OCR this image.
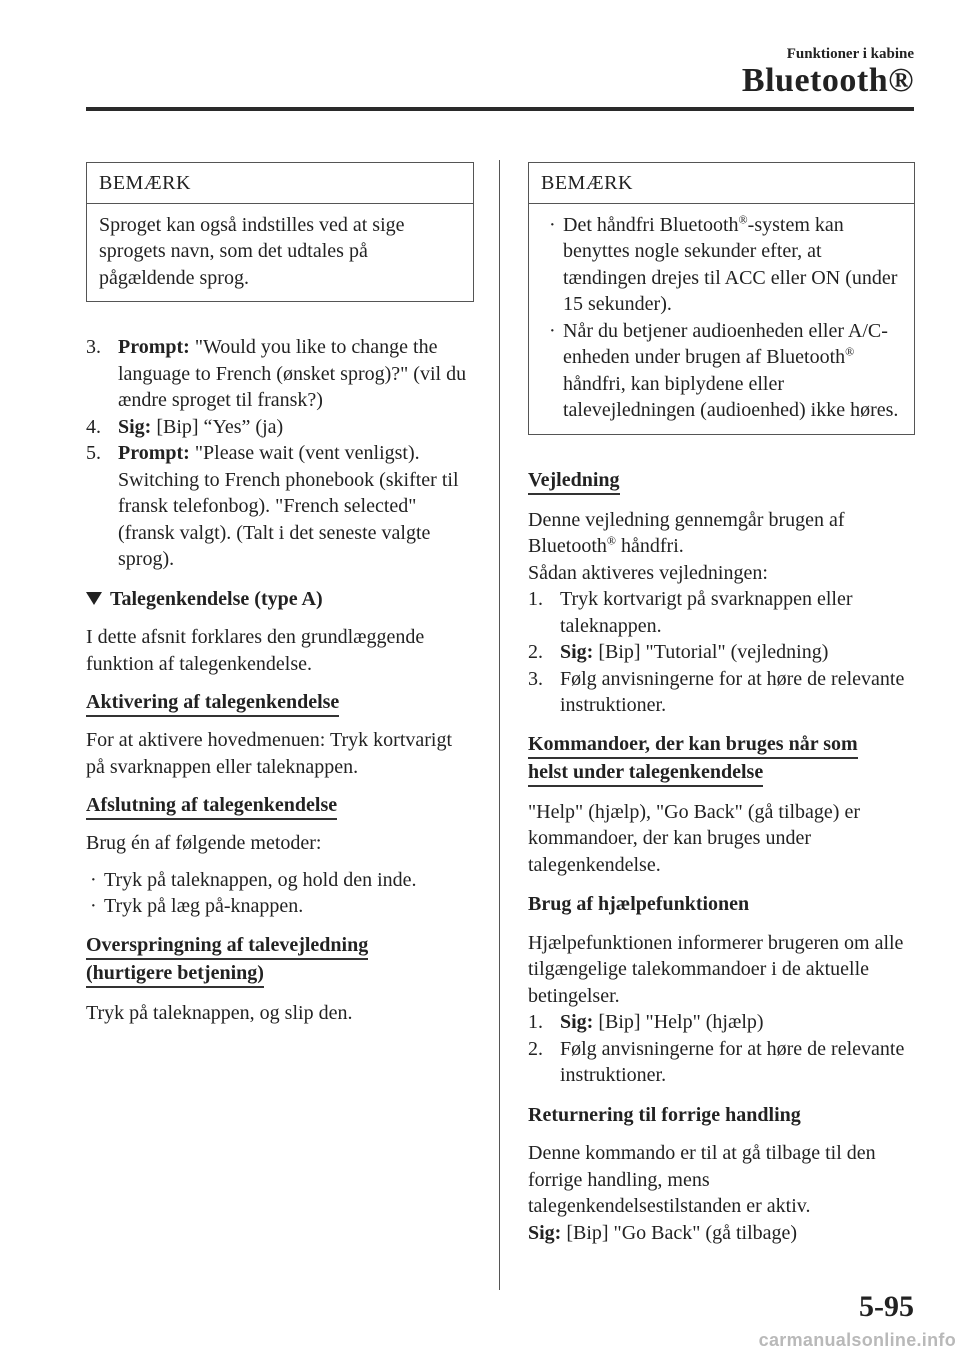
Funktioner i kabine
Bluetooth®
BEMÆRK

Sproget kan også indstilles ved at sige sprogets navn, som det udtales på pågældende sprog.

3. Prompt: "Would you like to change the language to French (ønsket sprog)?" (vil du ændre sproget til fransk?)
4. Sig: [Bip] “Yes” (ja)
5. Prompt: "Please wait (vent venligst). Switching to French phonebook (skifter til fransk telefonbog). "French selected" (fransk valgt). (Talt i det seneste valgte sprog).
Talegenkendelse (type A)

I dette afsnit forklares den grundlæggende funktion af talegenkendelse.

Aktivering af talegenkendelse

For at aktivere hovedmenuen: Tryk kortvarigt på svarknappen eller taleknappen.

Afslutning af talegenkendelse

Brug én af følgende metoder:

· Tryk på taleknappen, og hold den inde.
· Tryk på læg på-knappen.
Overspringning af talevejledning
(hurtigere betjening)

Tryk på taleknappen, og slip den.

BEMÆRK
· Det håndfri Bluetooth®-system kan benyttes nogle sekunder efter, at tændingen drejes til ACC eller ON (under 15 sekunder).
· Når du betjener audioenheden eller A/C-enheden under brugen af Bluetooth® håndfri, kan biplydene eller talevejledningen (audioenhed) ikke høres.
Vejledning

Denne vejledning gennemgår brugen af Bluetooth® håndfri.

Sådan aktiveres vejledningen:

1. Tryk kortvarigt på svarknappen eller taleknappen.
2. Sig: [Bip] "Tutorial" (vejledning)
3. Følg anvisningerne for at høre de relevante instruktioner.
Kommandoer, der kan bruges når som
helst under talegenkendelse

"Help" (hjælp), "Go Back" (gå tilbage) er kommandoer, der kan bruges under talegenkendelse.

Brug af hjælpefunktionen

Hjælpefunktionen informerer brugeren om alle tilgængelige talekommandoer i de aktuelle betingelser.

1. Sig: [Bip] "Help" (hjælp)
2. Følg anvisningerne for at høre de relevante instruktioner.
Returnering til forrige handling

Denne kommando er til at gå tilbage til den forrige handling, mens talegenkendelsestilstanden er aktiv.

Sig: [Bip] "Go Back" (gå tilbage)

5-95
carmanualsonline.info
